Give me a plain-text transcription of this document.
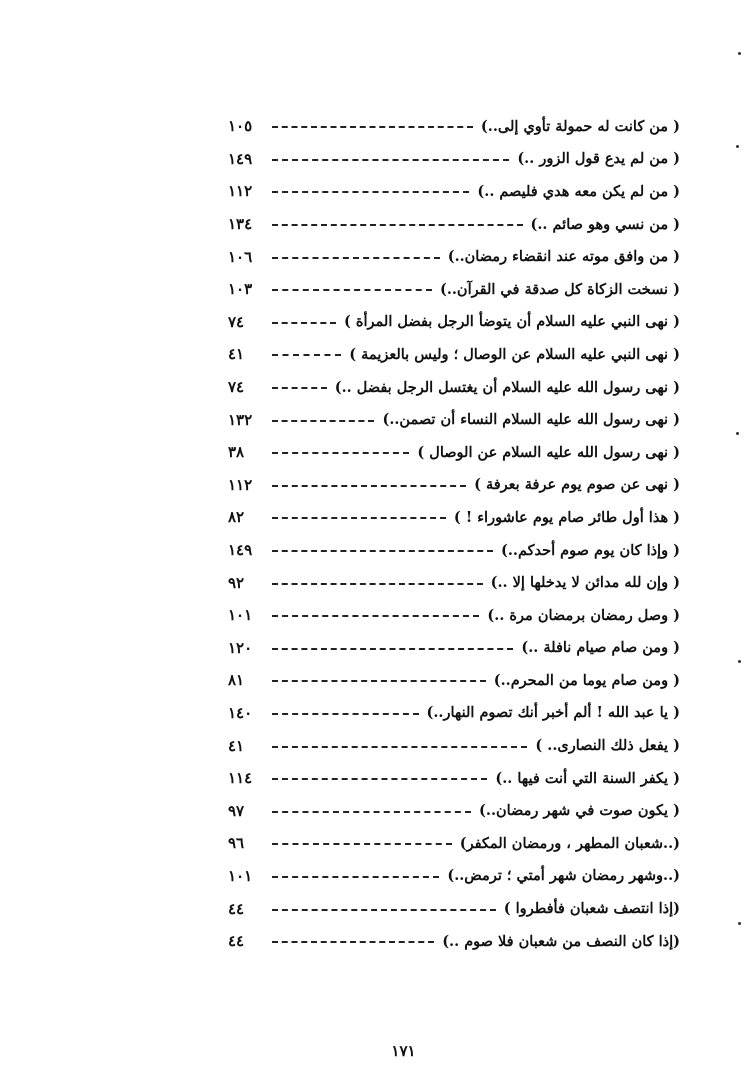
( من كانت له حمولة تأوي إلى..)
١٠٥
( من لم يدع قول الزور ..)
١٤٩
( من لم يكن معه هدي فليصم ..)
١١٢
( من نسي وهو صائم ..)
١٣٤
( من وافق موته عند انقضاء رمضان..)
١٠٦
( نسخت الزكاة كل صدقة في القرآن..)
١٠٣
( نهى النبي عليه السلام أن يتوضأ الرجل بفضل المرأة )
٧٤
( نهى النبي عليه السلام عن الوصال ؛ وليس بالعزيمة )
٤١
( نهى رسول الله عليه السلام أن يغتسل الرجل بفضل ..)
٧٤
( نهى رسول الله عليه السلام النساء أن تصمن..)
١٣٢
( نهى رسول الله عليه السلام عن الوصال )
٣٨
( نهى عن صوم يوم عرفة بعرفة )
١١٢
( هذا أول طائر صام يوم عاشوراء ! )
٨٢
( وإذا كان يوم صوم أحدكم..)
١٤٩
( وإن لله مدائن لا يدخلها إلا ..)
٩٢
( وصل رمضان برمضان مرة ..)
١٠١
( ومن صام صيام نافلة ..)
١٢٠
( ومن صام يوما من المحرم..)
٨١
( يا عبد الله ! ألم أخبر أنك تصوم النهار..)
١٤٠
( يفعل ذلك النصارى.. )
٤١
( يكفر السنة التي أنت فيها ..)
١١٤
( يكون صوت في شهر رمضان..)
٩٧
(..شعبان المطهر ، ورمضان المكفر)
٩٦
(..وشهر رمضان شهر أمتي ؛ ترمض..)
١٠١
(إذا انتصف شعبان فأفطروا )
٤٤
(إذا كان النصف من شعبان فلا صوم ..)
٤٤
١٧١
